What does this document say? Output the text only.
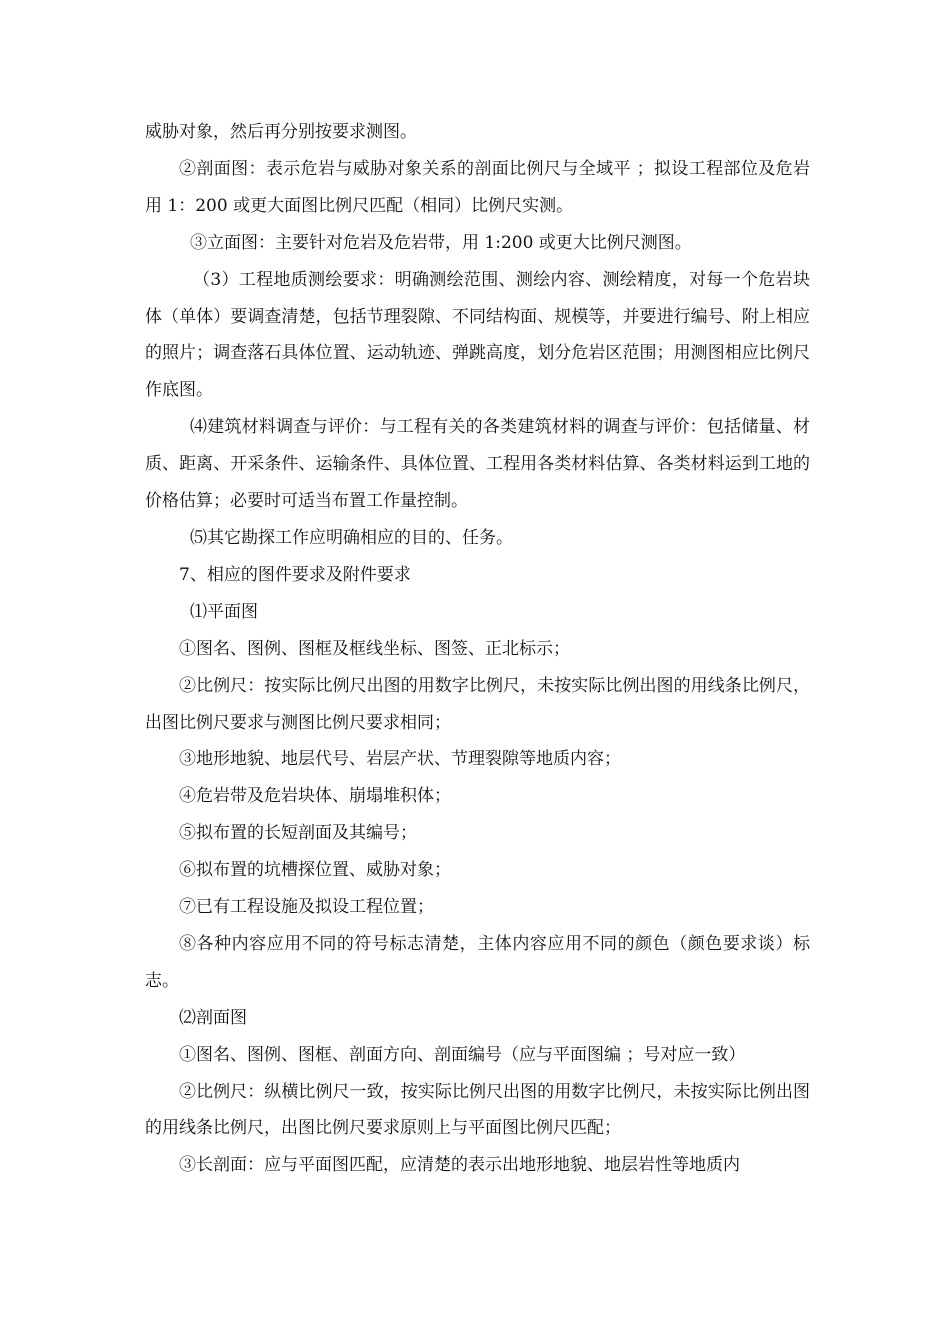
威胁对象，然后再分别按要求测图。

②剖面图：表示危岩与威胁对象关系的剖面比例尺与全域平 ；拟设工程部位及危岩用 1：200 或更大面图比例尺匹配（相同）比例尺实测。

③立面图：主要针对危岩及危岩带，用 1:200 或更大比例尺测图。

（3）工程地质测绘要求：明确测绘范围、测绘内容、测绘精度，对每一个危岩块体（单体）要调查清楚，包括节理裂隙、不同结构面、规模等，并要进行编号、附上相应的照片；调查落石具体位置、运动轨迹、弹跳高度，划分危岩区范围；用测图相应比例尺作底图。

⑷建筑材料调查与评价：与工程有关的各类建筑材料的调查与评价：包括储量、材质、距离、开采条件、运输条件、具体位置、工程用各类材料估算、各类材料运到工地的价格估算；必要时可适当布置工作量控制。

⑸其它勘探工作应明确相应的目的、任务。

7、相应的图件要求及附件要求

⑴平面图

①图名、图例、图框及框线坐标、图签、正北标示；

②比例尺：按实际比例尺出图的用数字比例尺，未按实际比例出图的用线条比例尺，出图比例尺要求与测图比例尺要求相同；

③地形地貌、地层代号、岩层产状、节理裂隙等地质内容；

④危岩带及危岩块体、崩塌堆积体；

⑤拟布置的长短剖面及其编号；

⑥拟布置的坑槽探位置、威胁对象；

⑦已有工程设施及拟设工程位置；

⑧各种内容应用不同的符号标志清楚，主体内容应用不同的颜色（颜色要求谈）标志。

⑵剖面图

①图名、图例、图框、剖面方向、剖面编号（应与平面图编 ；号对应一致）

②比例尺：纵横比例尺一致，按实际比例尺出图的用数字比例尺，未按实际比例出图的用线条比例尺，出图比例尺要求原则上与平面图比例尺匹配；

③长剖面：应与平面图匹配，应清楚的表示出地形地貌、地层岩性等地质内
